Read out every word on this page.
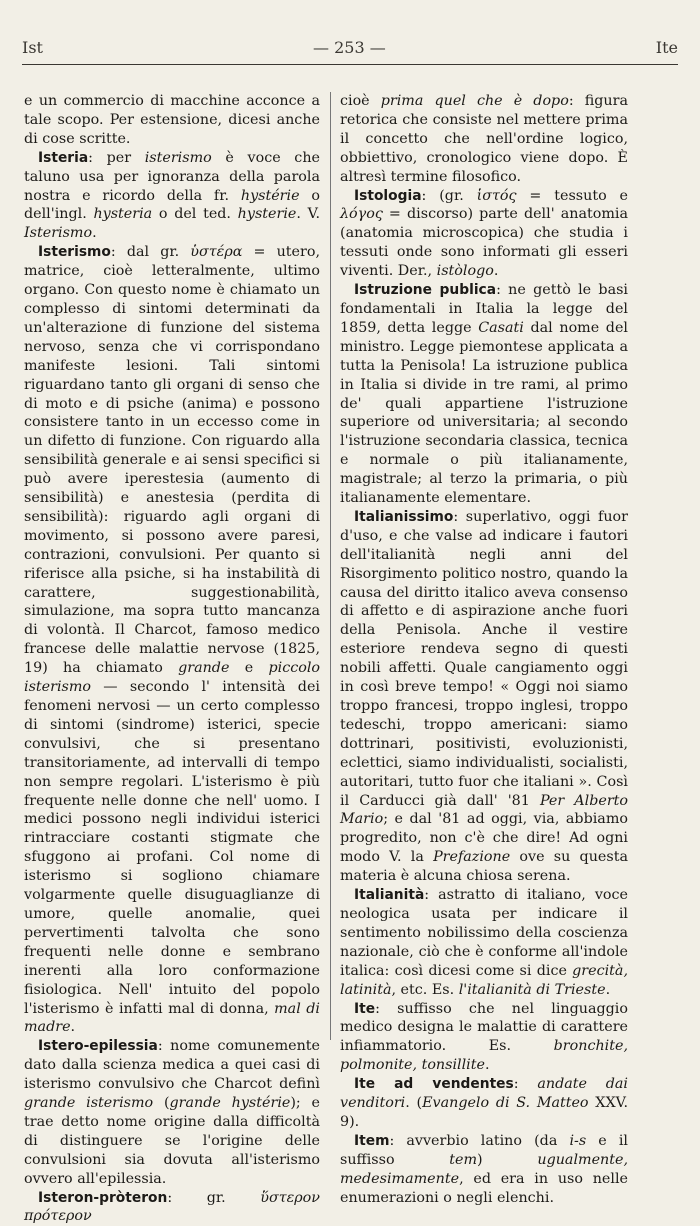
Ist	— 253 —	Ite

e un commercio di macchine acconce a tale scopo. Per estensione, dicesi anche di cose scritte.

Isteria: per isterismo è voce che taluno usa per ignoranza della parola nostra e ricordo della fr. hystérie o dell'ingl. hysteria o del ted. hysterie. V. Isterismo.

Isterismo: dal gr. ὑστέρα = utero, matrice, cioè letteralmente, ultimo organo. Con questo nome è chiamato un complesso di sintomi determinati da un'alterazione di funzione del sistema nervoso, senza che vi corrispondano manifeste lesioni. Tali sintomi riguardano tanto gli organi di senso che di moto e di psiche (anima) e possono consistere tanto in un eccesso come in un difetto di funzione. Con riguardo alla sensibilità generale e ai sensi specifici si può avere iperestesia (aumento di sensibilità) e anestesia (perdita di sensibilità): riguardo agli organi di movimento, si possono avere paresi, contrazioni, convulsioni. Per quanto si riferisce alla psiche, si ha instabilità di carattere, suggestionabilità, simulazione, ma sopra tutto mancanza di volontà. Il Charcot, famoso medico francese delle malattie nervose (1825, 19) ha chiamato grande e piccolo isterismo — secondo l' intensità dei fenomeni nervosi — un certo complesso di sintomi (sindrome) isterici, specie convulsivi, che si presentano transitoriamente, ad intervalli di tempo non sempre regolari. L'isterismo è più frequente nelle donne che nell' uomo. I medici possono negli individui isterici rintracciare costanti stigmate che sfuggono ai profani. Col nome di isterismo si sogliono chiamare volgarmente quelle disuguaglianze di umore, quelle anomalie, quei pervertimenti talvolta che sono frequenti nelle donne e sembrano inerenti alla loro conformazione fisiologica. Nell' intuito del popolo l'isterismo è infatti mal di donna, mal di madre.

Istero-epilessia: nome comunemente dato dalla scienza medica a quei casi di isterismo convulsivo che Charcot definì grande isterismo (grande hystérie); e trae detto nome origine dalla difficoltà di distinguere se l'origine delle convulsioni sia dovuta all'isterismo ovvero all'epilessia.

Isteron-pròteron: gr. ὕστερον πρότερον

cioè prima quel che è dopo: figura retorica che consiste nel mettere prima il concetto che nell'ordine logico, obbiettivo, cronologico viene dopo. È altresì termine filosofico.

Istologia: (gr. ἱστός = tessuto e λόγος = discorso) parte dell' anatomia (anatomia microscopica) che studia i tessuti onde sono informati gli esseri viventi. Der., istòlogo.

Istruzione publica: ne gettò le basi fondamentali in Italia la legge del 1859, detta legge Casati dal nome del ministro. Legge piemontese applicata a tutta la Penisola! La istruzione publica in Italia si divide in tre rami, al primo de' quali appartiene l'istruzione superiore od universitaria; al secondo l'istruzione secondaria classica, tecnica e normale o più italianamente, magistrale; al terzo la primaria, o più italianamente elementare.

Italianissimo: superlativo, oggi fuor d'uso, e che valse ad indicare i fautori dell'italianità negli anni del Risorgimento politico nostro, quando la causa del diritto italico aveva consenso di affetto e di aspirazione anche fuori della Penisola. Anche il vestire esteriore rendeva segno di questi nobili affetti. Quale cangiamento oggi in così breve tempo! « Oggi noi siamo troppo francesi, troppo inglesi, troppo tedeschi, troppo americani: siamo dottrinari, positivisti, evoluzionisti, eclettici, siamo individualisti, socialisti, autoritari, tutto fuor che italiani ». Così il Carducci già dall' '81 Per Alberto Mario; e dal '81 ad oggi, via, abbiamo progredito, non c'è che dire! Ad ogni modo V. la Prefazione ove su questa materia è alcuna chiosa serena.

Italianità: astratto di italiano, voce neologica usata per indicare il sentimento nobilissimo della coscienza nazionale, ciò che è conforme all'indole italica: così dicesi come si dice grecità, latinità, etc. Es. l'italianità di Trieste.

Ite: suffisso che nel linguaggio medico designa le malattie di carattere infiammatorio. Es. bronchite, polmonite, tonsillite.

Ite ad vendentes: andate dai venditori. (Evangelo di S. Matteo XXV. 9).

Item: avverbio latino (da i-s e il suffisso tem) ugualmente, medesimamente, ed era in uso nelle enumerazioni o negli elenchi.
